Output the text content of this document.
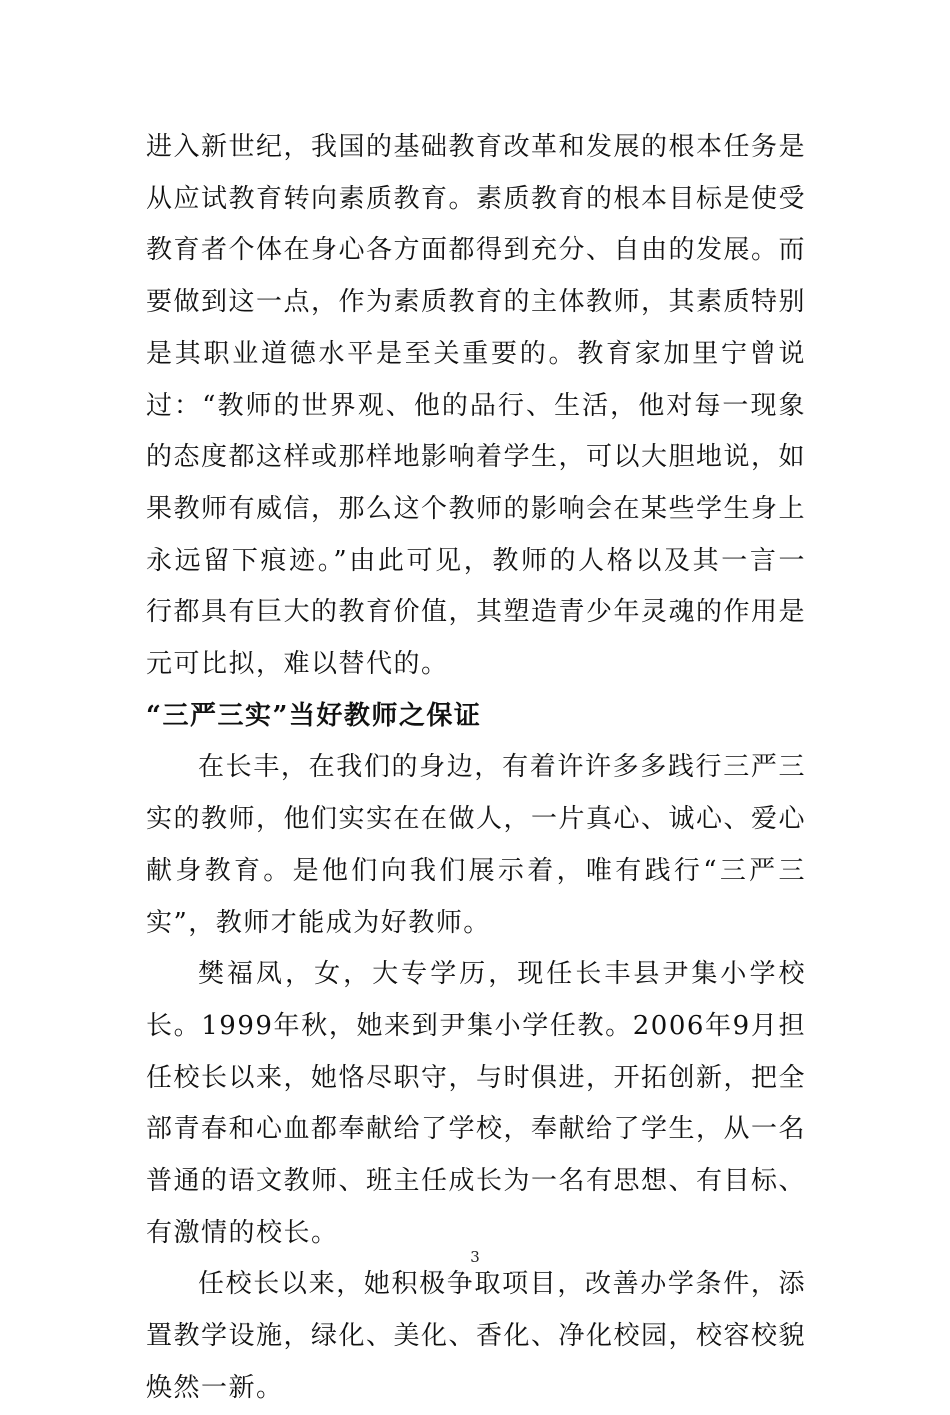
进入新世纪，我国的基础教育改革和发展的根本任务是从应试教育转向素质教育。素质教育的根本目标是使受教育者个体在身心各方面都得到充分、自由的发展。而要做到这一点，作为素质教育的主体教师，其素质特别是其职业道德水平是至关重要的。教育家加里宁曾说过：“教师的世界观、他的品行、生活，他对每一现象的态度都这样或那样地影响着学生，可以大胆地说，如果教师有威信，那么这个教师的影响会在某些学生身上永远留下痕迹。”由此可见，教师的人格以及其一言一行都具有巨大的教育价值，其塑造青少年灵魂的作用是元可比拟，难以替代的。

“三严三实”当好教师之保证

在长丰，在我们的身边，有着许许多多践行三严三实的教师，他们实实在在做人，一片真心、诚心、爱心献身教育。是他们向我们展示着，唯有践行“三严三实”，教师才能成为好教师。

樊福凤，女，大专学历，现任长丰县尹集小学校长。1999年秋，她来到尹集小学任教。2006年9月担任校长以来，她恪尽职守，与时俱进，开拓创新，把全部青春和心血都奉献给了学校，奉献给了学生，从一名普通的语文教师、班主任成长为一名有思想、有目标、有激情的校长。

任校长以来，她积极争取项目，改善办学条件，添置教学设施，绿化、美化、香化、净化校园，校容校貌焕然一新。

3
